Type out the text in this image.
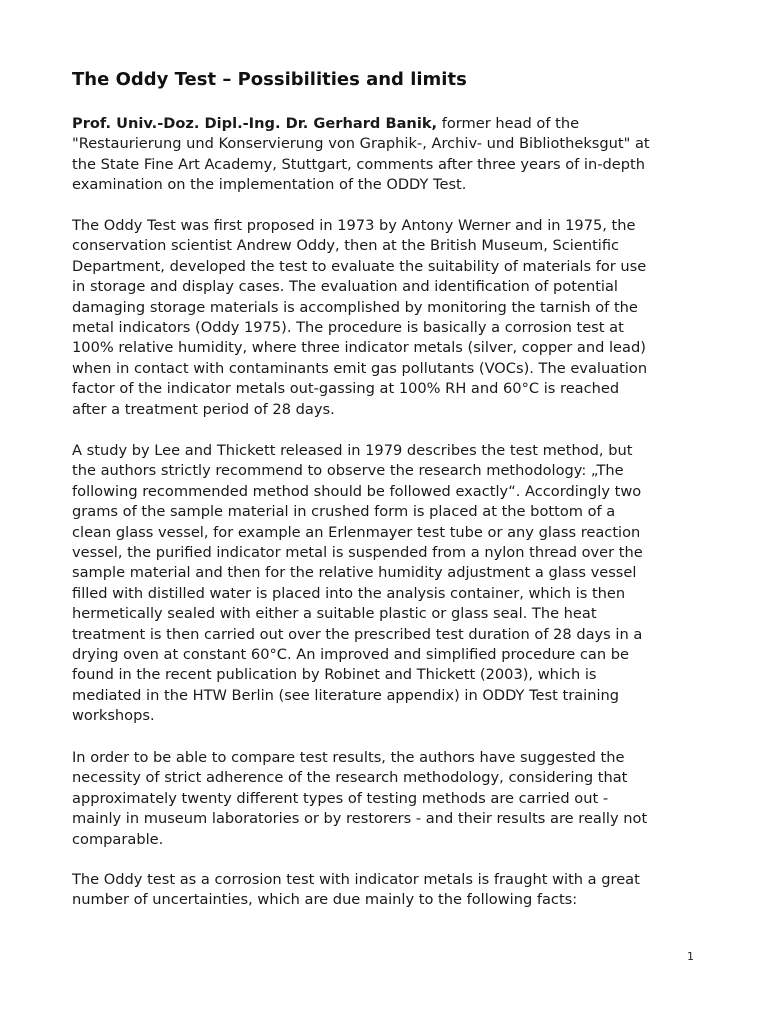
The Oddy Test – Possibilities and limits
Prof. Univ.-Doz. Dipl.-Ing. Dr. Gerhard Banik, former head of the
"Restaurierung und Konservierung von Graphik-, Archiv- und Bibliotheksgut" at
the State Fine Art Academy, Stuttgart, comments after three years of in-depth
examination on the implementation of the ODDY Test.
The Oddy Test was first proposed in 1973 by Antony Werner and in 1975, the
conservation scientist Andrew Oddy, then at the British Museum, Scientific
Department, developed the test to evaluate the suitability of materials for use
in storage and display cases. The evaluation and identification of potential
damaging storage materials is accomplished by monitoring the tarnish of the
metal indicators (Oddy 1975). The procedure is basically a corrosion test at
100% relative humidity, where three indicator metals (silver, copper and lead)
when in contact with contaminants emit gas pollutants (VOCs). The evaluation
factor of the indicator metals out-gassing at 100% RH and 60°C is reached
after a treatment period of 28 days.
A study by Lee and Thickett released in 1979 describes the test method, but
the authors strictly recommend to observe the research methodology: „The
following recommended method should be followed exactly“. Accordingly two
grams of the sample material in crushed form is placed at the bottom of a
clean glass vessel, for example an Erlenmayer test tube or any glass reaction
vessel, the purified indicator metal is suspended from a nylon thread over the
sample material and then for the relative humidity adjustment a glass vessel
filled with distilled water is placed into the analysis container, which is then
hermetically sealed with either a suitable plastic or glass seal. The heat
treatment is then carried out over the prescribed test duration of 28 days in a
drying oven at constant 60°C. An improved and simplified procedure can be
found in the recent publication by Robinet and Thickett (2003), which is
mediated in the HTW Berlin (see literature appendix) in ODDY Test training
workshops.
In order to be able to compare test results, the authors have suggested the
necessity of strict adherence of the research methodology, considering that
approximately twenty different types of testing methods are carried out -
mainly in museum laboratories or by restorers - and their results are really not
comparable.
The Oddy test as a corrosion test with indicator metals is fraught with a great
number of uncertainties, which are due mainly to the following facts:
1
